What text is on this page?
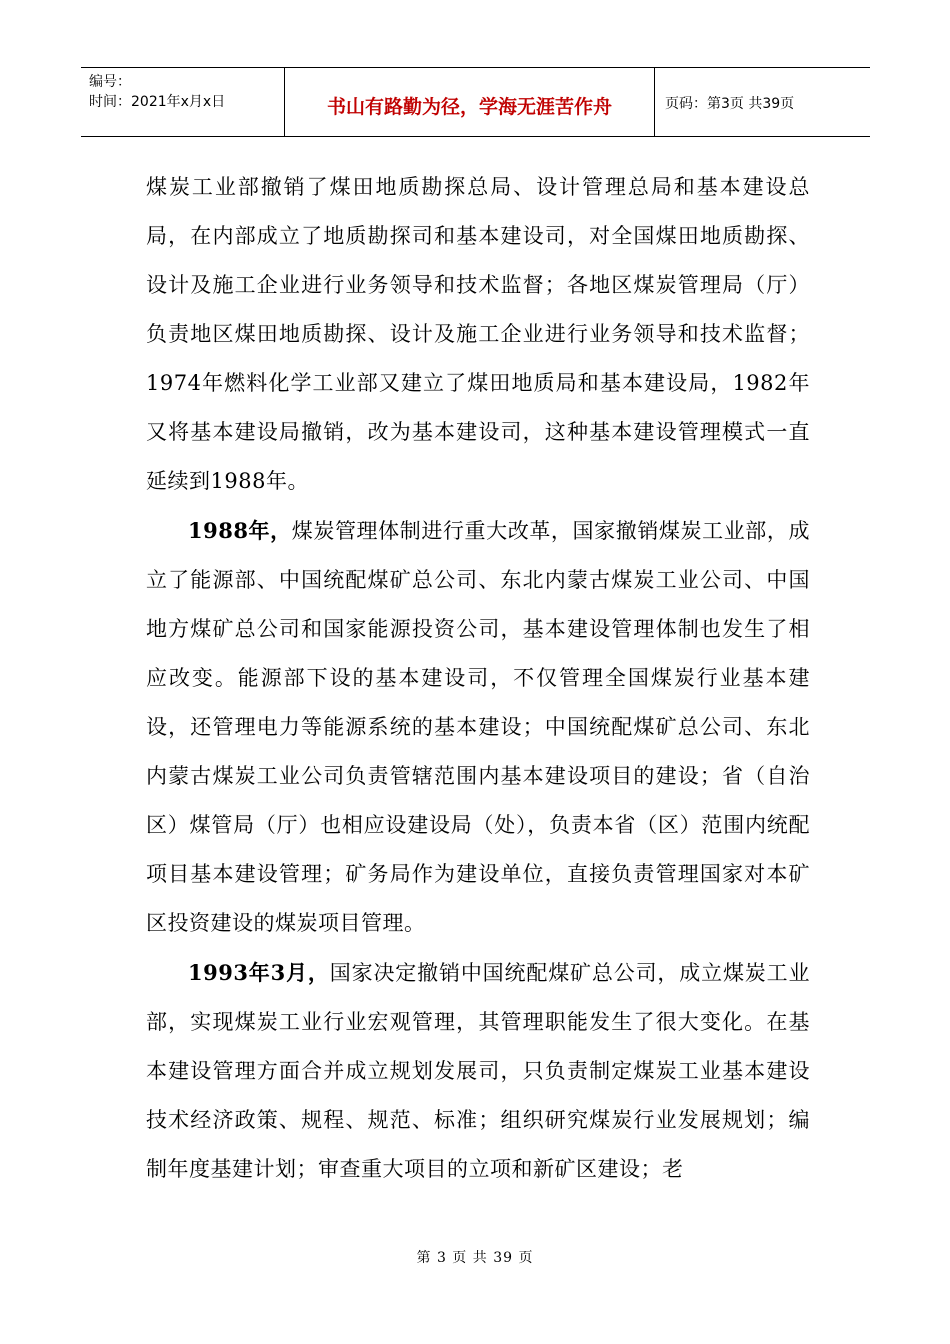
编号：
时间：2021年x月x日	书山有路勤为径，学海无涯苦作舟	页码：第3页 共39页

煤炭工业部撤销了煤田地质勘探总局、设计管理总局和基本建设总局，在内部成立了地质勘探司和基本建设司，对全国煤田地质勘探、设计及施工企业进行业务领导和技术监督；各地区煤炭管理局（厅）负责地区煤田地质勘探、设计及施工企业进行业务领导和技术监督；1974年燃料化学工业部又建立了煤田地质局和基本建设局，1982年又将基本建设局撤销，改为基本建设司，这种基本建设管理模式一直延续到1988年。

1988年，煤炭管理体制进行重大改革，国家撤销煤炭工业部，成立了能源部、中国统配煤矿总公司、东北内蒙古煤炭工业公司、中国地方煤矿总公司和国家能源投资公司，基本建设管理体制也发生了相应改变。能源部下设的基本建设司，不仅管理全国煤炭行业基本建设，还管理电力等能源系统的基本建设；中国统配煤矿总公司、东北内蒙古煤炭工业公司负责管辖范围内基本建设项目的建设；省（自治区）煤管局（厅）也相应设建设局（处），负责本省（区）范围内统配项目基本建设管理；矿务局作为建设单位，直接负责管理国家对本矿区投资建设的煤炭项目管理。

1993年3月，国家决定撤销中国统配煤矿总公司，成立煤炭工业部，实现煤炭工业行业宏观管理，其管理职能发生了很大变化。在基本建设管理方面合并成立规划发展司，只负责制定煤炭工业基本建设技术经济政策、规程、规范、标准；组织研究煤炭行业发展规划；编制年度基建计划；审查重大项目的立项和新矿区建设；老

第 3 页 共 39 页
